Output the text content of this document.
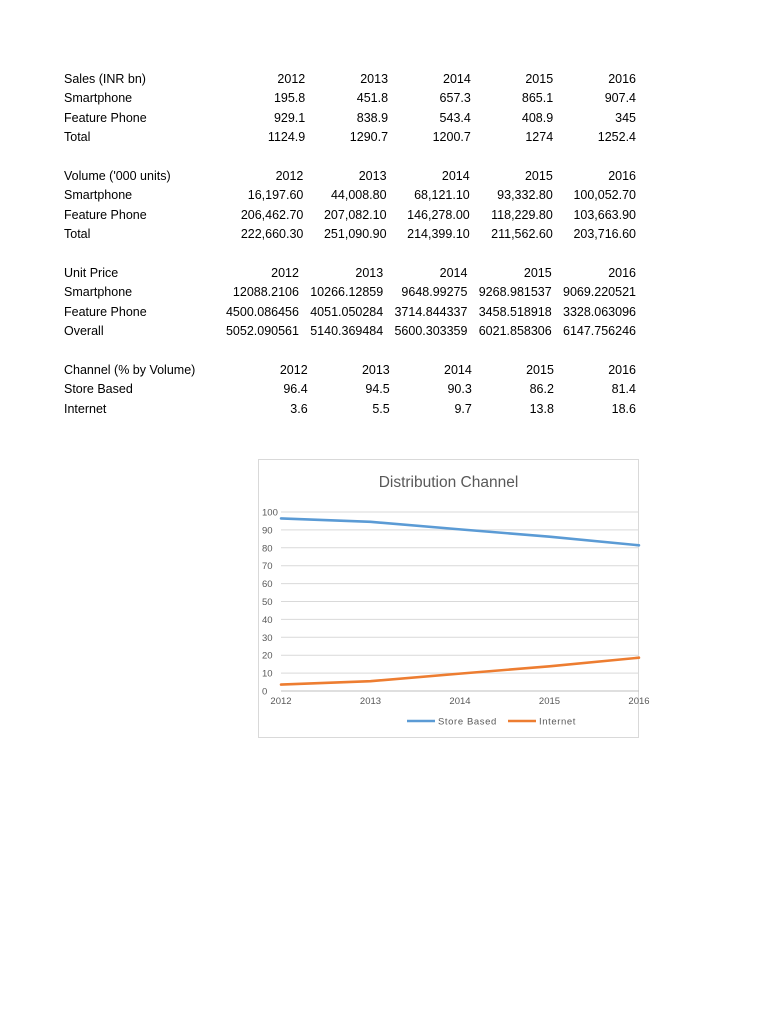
Sales (INR bn)	2012	2013	2014	2015	2016
Smartphone	195.8	451.8	657.3	865.1	907.4
Feature Phone	929.1	838.9	543.4	408.9	345
Total	1124.9	1290.7	1200.7	1274	1252.4
Volume ('000 units)	2012	2013	2014	2015	2016
Smartphone	16,197.60	44,008.80	68,121.10	93,332.80	100,052.70
Feature Phone	206,462.70	207,082.10	146,278.00	118,229.80	103,663.90
Total	222,660.30	251,090.90	214,399.10	211,562.60	203,716.60
Unit Price	2012	2013	2014	2015	2016
Smartphone	12088.2106	10266.12859	9648.99275	9268.981537	9069.220521
Feature Phone	4500.086456	4051.050284	3714.844337	3458.518918	3328.063096
Overall	5052.090561	5140.369484	5600.303359	6021.858306	6147.756246
Channel (% by Volume)	2012	2013	2014	2015	2016
Store Based	96.4	94.5	90.3	86.2	81.4
Internet	3.6	5.5	9.7	13.8	18.6
Distribution Channel
0
10
20
30
40
50
60
70
80
90
100
2012	2013	2014	2015	2016
Store Based	Internet
